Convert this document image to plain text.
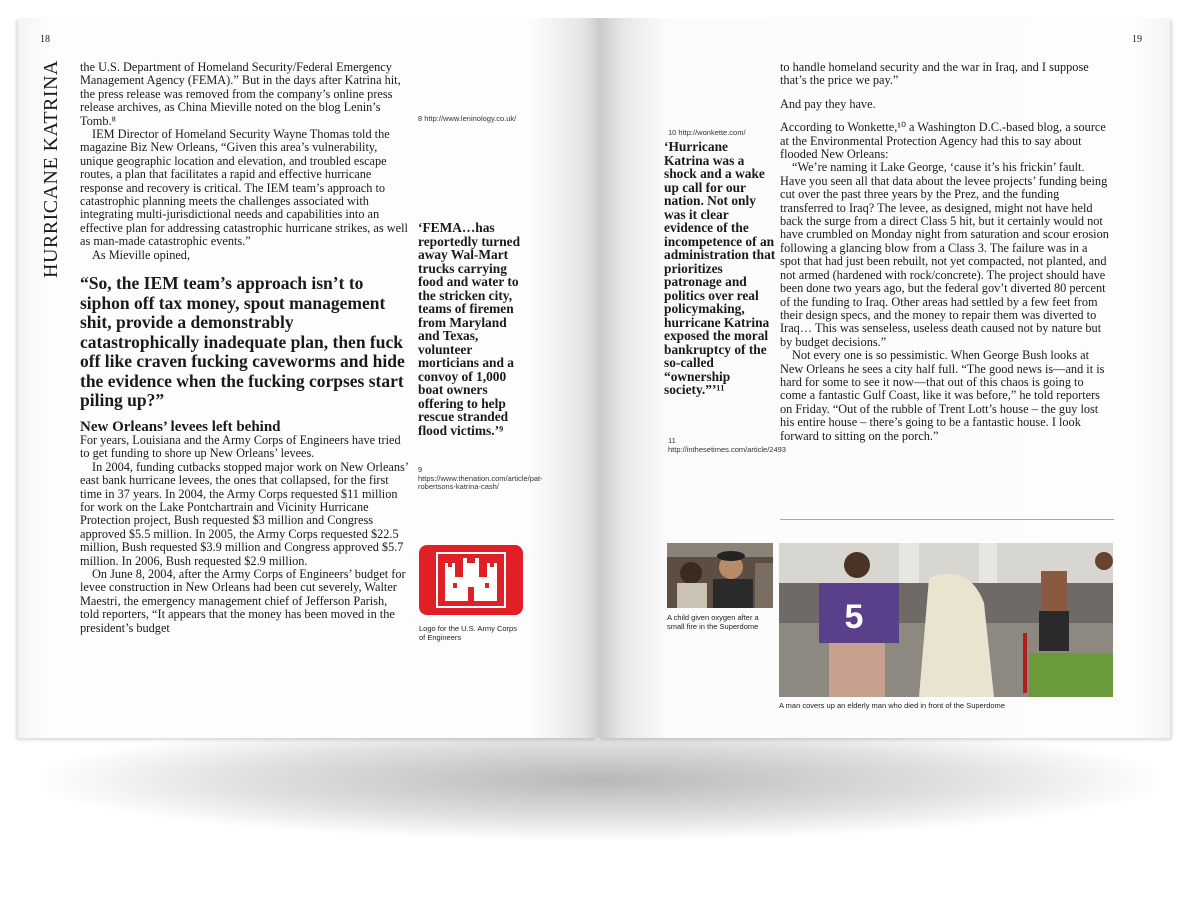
18
HURRICANE KATRINA the U.S. Department of Homeland Security/Federal Emergency Management Agency (FEMA).” But in the days after Katrina hit, the press release was removed from the company’s online press release archives, as China Mieville noted on the blog Lenin’s Tomb.⁸

IEM Director of Homeland Security Wayne Thomas told the magazine Biz New Orleans, “Given this area’s vulnerability, unique geographic location and elevation, and troubled escape routes, a plan that facilitates a rapid and effective hurricane response and recovery is critical. The IEM team’s approach to catastrophic planning meets the challenges associated with integrating multi-jurisdictional needs and capabilities into an effective plan for addressing catastrophic hurricane strikes, as well as man-made catastrophic events.”

As Mieville opined,

“So, the IEM team’s approach isn’t to siphon off tax money, spout management shit, provide a demonstrably catastrophically inadequate plan, then fuck off like craven fucking caveworms and hide the evidence when the fucking corpses start piling up?”
New Orleans’ levees left behind

For years, Louisiana and the Army Corps of Engineers have tried to get funding to shore up New Orleans’ levees.

In 2004, funding cutbacks stopped major work on New Orleans’ east bank hurricane levees, the ones that collapsed, for the first time in 37 years. In 2004, the Army Corps requested $11 million for work on the Lake Pontchartrain and Vicinity Hurricane Protection project, Bush requested $3 million and Congress approved $5.5 million. In 2005, the Army Corps requested $22.5 million, Bush requested $3.9 million and Congress approved $5.7 million. In 2006, Bush requested $2.9 million.

On June 8, 2004, after the Army Corps of Engineers’ budget for levee construction in New Orleans had been cut severely, Walter Maestri, the emergency management chief of Jefferson Parish, told reporters, “It appears that the money has been moved in the president’s budget

8 http://www.leninology.co.uk/
‘FEMA…has reportedly turned away Wal-Mart trucks carrying food and water to the stricken city, teams of firemen from Maryland and Texas, volunteer morticians and a convoy of 1,000 boat owners offering to help rescue stranded flood victims.’⁹
9 https://www.thenation.com/article/pat-robertsons-katrina-cash/
Logo for the U.S. Army Corps of Engineers
19
10 http://wonkette.com/
‘Hurricane Katrina was a shock and a wake up call for our nation. Not only was it clear evidence of the incompetence of an administration that prioritizes patronage and politics over real policymaking, hurricane Katrina exposed the moral bankruptcy of the so-called “ownership society.”’¹¹
11 http://inthesetimes.com/article/2493

to handle homeland security and the war in Iraq, and I suppose that’s the price we pay.”

And pay they have.

According to Wonkette,¹⁰ a Washington D.C.-based blog, a source at the Environmental Protection Agency had this to say about flooded New Orleans:

“We’re naming it Lake George, ‘cause it’s his frickin’ fault. Have you seen all that data about the levee projects’ funding being cut over the past three years by the Prez, and the funding transferred to Iraq? The levee, as designed, might not have held back the surge from a direct Class 5 hit, but it certainly would not have crumbled on Monday night from saturation and scour erosion following a glancing blow from a Class 3. The failure was in a spot that had just been rebuilt, not yet compacted, not planted, and not armed (hardened with rock/concrete). The project should have been done two years ago, but the federal gov’t diverted 80 percent of the funding to Iraq. Other areas had settled by a few feet from their design specs, and the money to repair them was diverted to Iraq… This was senseless, useless death caused not by nature but by budget decisions.”

Not every one is so pessimistic. When George Bush looks at New Orleans he sees a city half full. “The good news is—and it is hard for some to see it now—that out of this chaos is going to come a fantastic Gulf Coast, like it was before,” he told reporters on Friday. “Out of the rubble of Trent Lott’s house – the guy lost his entire house – there’s going to be a fantastic house. I look forward to sitting on the porch.”

A child given oxygen after a small fire in the Superdome	5
A man covers up an elderly man who died in front of the Superdome
